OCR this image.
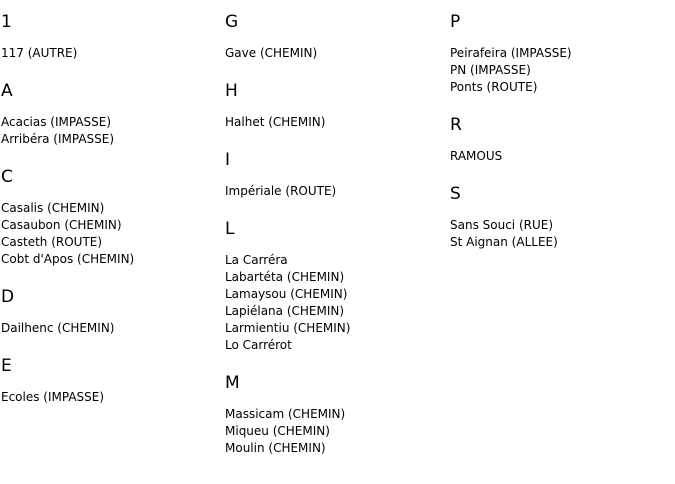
1
117 (AUTRE)
A
Acacias (IMPASSE)
Arribéra (IMPASSE)
C
Casalis (CHEMIN)
Casaubon (CHEMIN)
Casteth (ROUTE)
Cobt d'Apos (CHEMIN)
D
Dailhenc (CHEMIN)
E
Ecoles (IMPASSE)
G
Gave (CHEMIN)
H
Halhet (CHEMIN)
I
Impériale (ROUTE)
L
La Carréra
Labartéta (CHEMIN)
Lamaysou (CHEMIN)
Lapiélana (CHEMIN)
Larmientiu (CHEMIN)
Lo Carrérot
M
Massicam (CHEMIN)
Miqueu (CHEMIN)
Moulin (CHEMIN)
P
Peirafeira (IMPASSE)
PN (IMPASSE)
Ponts (ROUTE)
R
RAMOUS
S
Sans Souci (RUE)
St Aignan (ALLEE)
